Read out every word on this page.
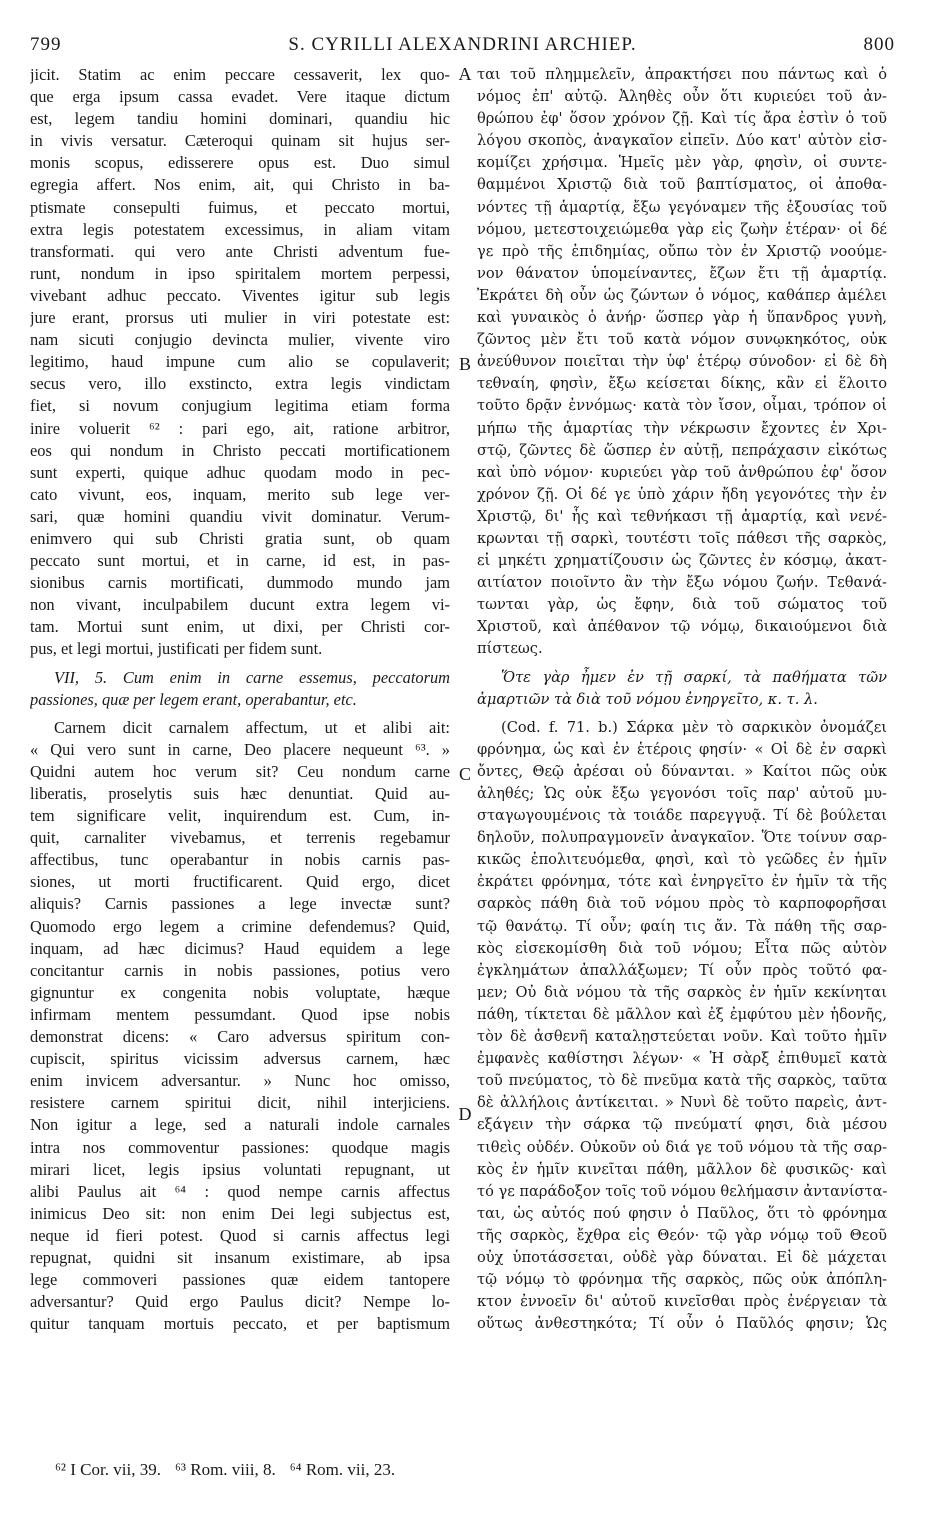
799	S. CYRILLI ALEXANDRINI ARCHIEP.	800
jicit. Statim ac enim peccare cessaverit, lex quo-
que erga ipsum cassa evadet. Vere itaque dictum
est, legem tandiu homini dominari, quandiu hic
in vivis versatur. Cæteroqui quinam sit hujus ser-
monis scopus, edisserere opus est. Duo simul
egregia affert. Nos enim, ait, qui Christo in ba-
ptismate consepulti fuimus, et peccato mortui,
extra legis potestatem excessimus, in aliam vitam
transformati. qui vero ante Christi adventum fue-
runt, nondum in ipso spiritalem mortem perpessi,
vivebant adhuc peccato. Viventes igitur sub legis
jure erant, prorsus uti mulier in viri potestate est:
nam sicuti conjugio devincta mulier, vivente viro
legitimo, haud impune cum alio se copulaverit;
secus vero, illo exstincto, extra legis vindictam
fiet, si novum conjugium legitima etiam forma
inire voluerit ⁶² : pari ego, ait, ratione arbitror,
eos qui nondum in Christo peccati mortificationem
sunt experti, quique adhuc quodam modo in pec-
cato vivunt, eos, inquam, merito sub lege ver-
sari, quæ homini quandiu vivit dominatur. Verum-
enimvero qui sub Christi gratia sunt, ob quam
peccato sunt mortui, et in carne, id est, in pas-
sionibus carnis mortificati, dummodo mundo jam
non vivant, inculpabilem ducunt extra legem vi-
tam. Mortui sunt enim, ut dixi, per Christi cor-
pus, et legi mortui, justificati per fidem sunt.
VII, 5. Cum enim in carne essemus, peccatorum
passiones, quæ per legem erant, operabantur, etc.
Carnem dicit carnalem affectum, ut et alibi ait:
« Qui vero sunt in carne, Deo placere nequeunt ⁶³. »
Quidni autem hoc verum sit? Ceu nondum carne
liberatis, proselytis suis hæc denuntiat. Quid au-
tem significare velit, inquirendum est. Cum, in-
quit, carnaliter vivebamus, et terrenis regebamur
affectibus, tunc operabantur in nobis carnis pas-
siones, ut morti fructificarent. Quid ergo, dicet
aliquis? Carnis passiones a lege invectæ sunt?
Quomodo ergo legem a crimine defendemus? Quid,
inquam, ad hæc dicimus? Haud equidem a lege
concitantur carnis in nobis passiones, potius vero
gignuntur ex congenita nobis voluptate, hæque
infirmam mentem pessumdant. Quod ipse nobis
demonstrat dicens: « Caro adversus spiritum con-
cupiscit, spiritus vicissim adversus carnem, hæc
enim invicem adversantur. » Nunc hoc omisso,
resistere carnem spiritui dicit, nihil interjiciens.
Non igitur a lege, sed a naturali indole carnales
intra nos commoventur passiones: quodque magis
mirari licet, legis ipsius voluntati repugnant, ut
alibi Paulus ait ⁶⁴ : quod nempe carnis affectus
inimicus Deo sit: non enim Dei legi subjectus est,
neque id fieri potest. Quod si carnis affectus legi
repugnat, quidni sit insanum existimare, ab ipsa
lege commoveri passiones quæ eidem tantopere
adversantur? Quid ergo Paulus dicit? Nempe lo-
quitur tanquam mortuis peccato, et per baptismum
A
B
C
D
ται τοῦ πλημμελεῖν, ἀπρακτήσει που πάντως καὶ ὁ
νόμος ἐπ' αὐτῷ. Ἀληθὲς οὖν ὅτι κυριεύει τοῦ ἀν-
θρώπου ἐφ' ὅσον χρόνον ζῇ. Καὶ τίς ἄρα ἐστὶν ὁ τοῦ
λόγου σκοπὸς, ἀναγκαῖον εἰπεῖν. Δύο κατ' αὐτὸν εἰσ-
κομίζει χρήσιμα. Ἡμεῖς μὲν γὰρ, φησὶν, οἱ συντε-
θαμμένοι Χριστῷ διὰ τοῦ βαπτίσματος, οἱ ἀποθα-
νόντες τῇ ἁμαρτίᾳ, ἔξω γεγόναμεν τῆς ἐξουσίας τοῦ
νόμου, μετεστοιχειώμεθα γὰρ εἰς ζωὴν ἑτέραν· οἱ δέ
γε πρὸ τῆς ἐπιδημίας, οὔπω τὸν ἐν Χριστῷ νοούμε-
νον θάνατον ὑπομείναντες, ἔζων ἔτι τῇ ἁμαρτίᾳ.
Ἐκράτει δὴ οὖν ὡς ζώντων ὁ νόμος, καθάπερ ἀμέλει
καὶ γυναικὸς ὁ ἀνήρ· ὥσπερ γὰρ ἡ ὕπανδρος γυνὴ,
ζῶντος μὲν ἔτι τοῦ κατὰ νόμον συνῳκηκότος, οὐκ
ἀνεύθυνον ποιεῖται τὴν ὑφ' ἑτέρῳ σύνοδον· εἰ δὲ δὴ
τεθναίη, φησὶν, ἔξω κείσεται δίκης, κἂν εἰ ἕλοιτο
τοῦτο δρᾷν ἐννόμως· κατὰ τὸν ἴσον, οἶμαι, τρόπον οἱ
μήπω τῆς ἁμαρτίας τὴν νέκρωσιν ἔχοντες ἐν Χρι-
στῷ, ζῶντες δὲ ὥσπερ ἐν αὐτῇ, πεπράχασιν εἰκότως
καὶ ὑπὸ νόμον· κυριεύει γὰρ τοῦ ἀνθρώπου ἐφ' ὅσον
χρόνον ζῇ. Οἱ δέ γε ὑπὸ χάριν ἤδη γεγονότες τὴν ἐν
Χριστῷ, δι' ἧς καὶ τεθνήκασι τῇ ἁμαρτίᾳ, καὶ νενέ-
κρωνται τῇ σαρκὶ, τουτέστι τοῖς πάθεσι τῆς σαρκὸς,
εἰ μηκέτι χρηματίζουσιν ὡς ζῶντες ἐν κόσμῳ, ἀκατ-
αιτίατον ποιοῖντο ἂν τὴν ἔξω νόμου ζωήν. Τεθανά-
τωνται γὰρ, ὡς ἔφην, διὰ τοῦ σώματος τοῦ
Χριστοῦ, καὶ ἀπέθανον τῷ νόμῳ, δικαιούμενοι διὰ
πίστεως.
Ὅτε γὰρ ἦμεν ἐν τῇ σαρκί, τὰ παθήματα τῶν
ἁμαρτιῶν τὰ διὰ τοῦ νόμου ἐνηργεῖτο, κ. τ. λ.
(Cod. f. 71. b.) Σάρκα μὲν τὸ σαρκικὸν ὀνομάζει
φρόνημα, ὡς καὶ ἐν ἑτέροις φησίν· « Οἱ δὲ ἐν σαρκὶ
ὄντες, Θεῷ ἀρέσαι οὐ δύνανται. » Καίτοι πῶς οὐκ
ἀληθές; Ὡς οὐκ ἔξω γεγονόσι τοῖς παρ' αὐτοῦ μυ-
σταγωγουμένοις τὰ τοιάδε παρεγγυᾷ. Τί δὲ βούλεται
δηλοῦν, πολυπραγμονεῖν ἀναγκαῖον. Ὅτε τοίνυν σαρ-
κικῶς ἐπολιτευόμεθα, φησὶ, καὶ τὸ γεῶδες ἐν ἡμῖν
ἐκράτει φρόνημα, τότε καὶ ἐνηργεῖτο ἐν ἡμῖν τὰ τῆς
σαρκὸς πάθη διὰ τοῦ νόμου πρὸς τὸ καρποφορῆσαι
τῷ θανάτῳ. Τί οὖν; φαίη τις ἄν. Τὰ πάθη τῆς σαρ-
κὸς εἰσεκομίσθη διὰ τοῦ νόμου; Εἶτα πῶς αὐτὸν
ἐγκλημάτων ἀπαλλάξωμεν; Τί οὖν πρὸς τοῦτό φα-
μεν; Οὐ διὰ νόμου τὰ τῆς σαρκὸς ἐν ἡμῖν κεκίνηται
πάθη, τίκτεται δὲ μᾶλλον καὶ ἐξ ἐμφύτου μὲν ἡδονῆς,
τὸν δὲ ἀσθενῆ καταλῃστεύεται νοῦν. Καὶ τοῦτο ἡμῖν
ἐμφανὲς καθίστησι λέγων· « Ἡ σὰρξ ἐπιθυμεῖ κατὰ
τοῦ πνεύματος, τὸ δὲ πνεῦμα κατὰ τῆς σαρκὸς, ταῦτα
δὲ ἀλλήλοις ἀντίκειται. » Νυνὶ δὲ τοῦτο παρεὶς, ἀντ-
εξάγειν τὴν σάρκα τῷ πνεύματί φησι, διὰ μέσου
τιθεὶς οὐδέν. Οὐκοῦν οὐ διά γε τοῦ νόμου τὰ τῆς σαρ-
κὸς ἐν ἡμῖν κινεῖται πάθη, μᾶλλον δὲ φυσικῶς· καὶ
τό γε παράδοξον τοῖς τοῦ νόμου θελήμασιν ἀντανίστα-
ται, ὡς αὐτός πού φησιν ὁ Παῦλος, ὅτι τὸ φρόνημα
τῆς σαρκὸς, ἔχθρα εἰς Θεόν· τῷ γὰρ νόμῳ τοῦ Θεοῦ
οὐχ ὑποτάσσεται, οὐδὲ γὰρ δύναται. Εἰ δὲ μάχεται
τῷ νόμῳ τὸ φρόνημα τῆς σαρκὸς, πῶς οὐκ ἀπόπλη-
κτον ἐννοεῖν δι' αὐτοῦ κινεῖσθαι πρὸς ἐνέργειαν τὰ
οὕτως ἀνθεστηκότα; Τί οὖν ὁ Παῦλός φησιν; Ὡς
⁶² I Cor. vii, 39. ⁶³ Rom. viii, 8. ⁶⁴ Rom. vii, 23.
